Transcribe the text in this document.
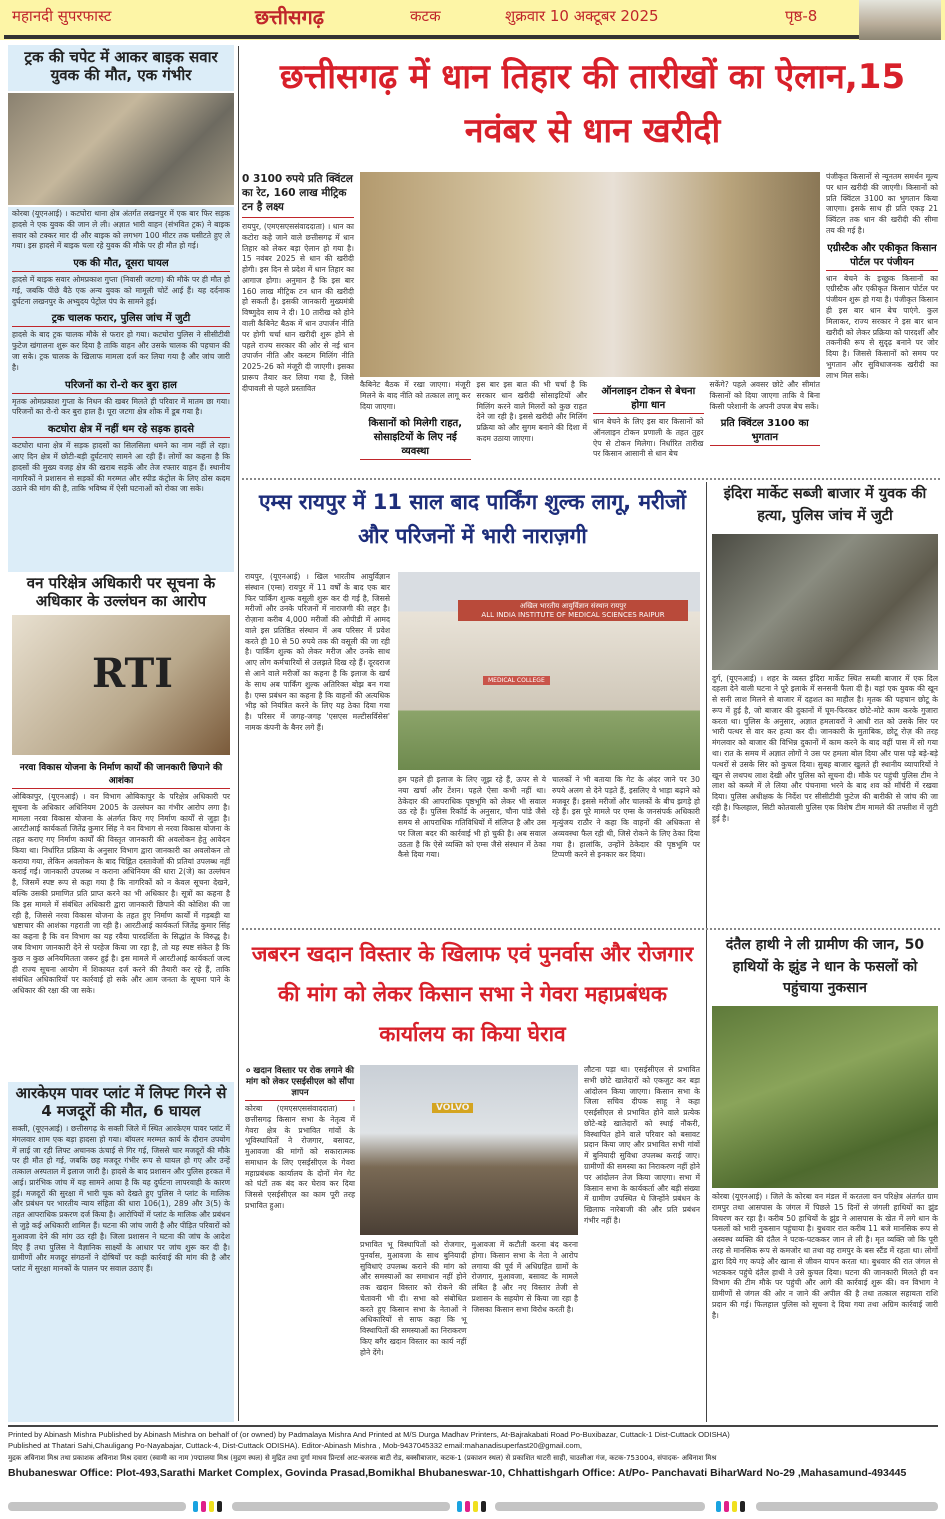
महानदी सुपरफास्ट	छत्तीसगढ़	कटक	शुक्रवार 10 अक्टूबर 2025	पृष्ठ-8
ट्रक की चपेट में आकर बाइक सवार युवक की मौत, एक गंभीर

कोरबा (यूएनआई) । कटघोरा थाना क्षेत्र अंतर्गत लखनपुर में एक बार फिर सड़क हादसे ने एक युवक की जान ले ली। अज्ञात भारी वाहन (संभवित ट्रक) ने बाइक सवार को टक्कर मार दी और बाइक को लगभग 100 मीटर तक घसीटते हुए ले गया। इस हादसे में बाइक चला रहे युवक की मौके पर ही मौत हो गई।

एक की मौत, दूसरा घायल

हादसे में बाइक सवार ओमप्रकाश गुप्ता (निवासी जटगा) की मौके पर ही मौत हो गई, जबकि पीछे बैठे एक अन्य युवक को मामूली चोटें आई हैं। यह दर्दनाक दुर्घटना लखनपुर के अभ्युदय पेट्रोल पंप के सामने हुई।

ट्रक चालक फरार, पुलिस जांच में जुटी

हादसे के बाद ट्रक चालक मौके से फरार हो गया। कटघोरा पुलिस ने सीसीटीवी फुटेज खंगालना शुरू कर दिया है ताकि वाहन और उसके चालक की पहचान की जा सके। ट्रक चालक के खिलाफ मामला दर्ज कर लिया गया है और जांच जारी है।

परिजनों का रो-रो कर बुरा हाल

मृतक ओमप्रकाश गुप्ता के निधन की खबर मिलते ही परिवार में मातम छा गया। परिजनों का रो-रो कर बुरा हाल है। पूरा जटगा क्षेत्र शोक में डूब गया है।

कटघोरा क्षेत्र में नहीं थम रहे सड़क हादसे

कटघोरा थाना क्षेत्र में सड़क हादसों का सिलसिला थमने का नाम नहीं ले रहा। आए दिन क्षेत्र में छोटी-बड़ी दुर्घटनाएं सामने आ रही हैं। लोगों का कहना है कि हादसों की मुख्य वजह क्षेत्र की खराब सड़कें और तेज रफ्तार वाहन हैं। स्थानीय नागरिकों ने प्रशासन से सड़कों की मरम्मत और स्पीड कंट्रोल के लिए ठोस कदम उठाने की मांग की है, ताकि भविष्य में ऐसी घटनाओं को रोका जा सके।

वन परिक्षेत्र अधिकारी पर सूचना के अधिकार के उल्लंघन का आरोप
RTI
नरवा विकास योजना के निर्माण कार्यों की जानकारी छिपाने की आशंका

ओबिकापुर, (यूएनआई) । वन विभाग ओबिकापुर के परिक्षेत्र अधिकारी पर सूचना के अधिकार अधिनियम 2005 के उल्लंघन का गंभीर आरोप लगा है। मामला नरवा विकास योजना के अंतर्गत किए गए निर्माण कार्यों से जुड़ा है। आरटीआई कार्यकर्ता जितेंद्र कुमार सिंह ने वन विभाग से नरवा विकास योजना के तहत कराए गए निर्माण कार्यों की विस्तृत जानकारी की अवलोकन हेतु आवेदन किया था। निर्धारित प्रक्रिया के अनुसार विभाग द्वारा जानकारी का अवलोकन तो कराया गया, लेकिन अवलोकन के बाद चिह्नित दस्तावेजों की प्रतियां उपलब्ध नहीं कराई गईं। जानकारी उपलब्ध न कराना अधिनियम की धारा 2(जे) का उल्लंघन है, जिसमें स्पष्ट रूप से कहा गया है कि नागरिकों को न केवल सूचना देखने, बल्कि उसकी प्रमाणित प्रति प्राप्त करने का भी अधिकार है। सूत्रों का कहना है कि इस मामले में संबंधित अधिकारी द्वारा जानकारी छिपाने की कोशिश की जा रही है, जिससे नरवा विकास योजना के तहत हुए निर्माण कार्यों में गड़बड़ी या भ्रष्टाचार की आशंका गहराती जा रही है। आरटीआई कार्यकर्ता जितेंद्र कुमार सिंह का कहना है कि वन विभाग का यह रवैया पारदर्शिता के सिद्धांत के विरुद्ध है। जब विभाग जानकारी देने से परहेज किया जा रहा है, तो यह स्पष्ट संकेत है कि कुछ न कुछ अनियमितता जरूर हुई है। इस मामले में आरटीआई कार्यकर्ता जल्द ही राज्य सूचना आयोग में शिकायत दर्ज करने की तैयारी कर रहे हैं, ताकि संबंधित अधिकारियों पर कार्रवाई हो सके और आम जनता के सूचना पाने के अधिकार की रक्षा की जा सके।

आरकेएम पावर प्लांट में लिफ्ट गिरने से 4 मजदूरों की मौत, 6 घायल

सक्ती, (यूएनआई) । छत्तीसगढ़ के सक्ती जिले में स्थित आरकेएम पावर प्लांट में मंगलवार शाम एक बड़ा हादसा हो गया। बॉयलर मरम्मत कार्य के दौरान उपयोग में लाई जा रही लिफ्ट अचानक ऊंचाई से गिर गई, जिससे चार मजदूरों की मौके पर ही मौत हो गई, जबकि छह मजदूर गंभीर रूप से घायल हो गए और उन्हें तत्काल अस्पताल में इलाज जारी है। हादसे के बाद प्रशासन और पुलिस हरकत में आई। प्रारंभिक जांच में यह सामने आया है कि यह दुर्घटना लापरवाही के कारण हुई। मजदूरों की सुरक्षा में भारी चूक को देखते हुए पुलिस ने प्लांट के मालिक और प्रबंधन पर भारतीय न्याय संहिता की धारा 106(1), 289 और 3(5) के तहत आपराधिक प्रकरण दर्ज किया है। आरोपियों में प्लांट के मालिक और प्रबंधन से जुड़े कई अधिकारी शामिल हैं। घटना की जांच जारी है और पीड़ित परिवारों को मुआवजा देने की मांग उठ रही है। जिला प्रशासन ने घटना की जांच के आदेश दिए हैं तथा पुलिस ने वैज्ञानिक साक्ष्यों के आधार पर जांच शुरू कर दी है। ग्रामीणों और मजदूर संगठनों ने दोषियों पर कड़ी कार्रवाई की मांग की है और प्लांट में सुरक्षा मानकों के पालन पर सवाल उठाए हैं।

छत्तीसगढ़ में धान तिहार की तारीखों का ऐलान,15 नवंबर से धान खरीदी
0 3100 रुपये प्रति क्विंटल का रेट, 160 लाख मीट्रिक टन है लक्ष्य

रायपुर, (एमएसएससंवाददाता) । धान का कटोरा कहे जाने वाले छत्तीसगढ़ में धान तिहार को लेकर बड़ा ऐलान हो गया है। 15 नवंबर 2025 से धान की खरीदी होगी। इस दिन से प्रदेश में धान तिहार का आगाज होगा। अनुमान है कि इस बार 160 लाख मीट्रिक टन धान की खरीदी हो सकती है। इसकी जानकारी मुख्यमंत्री विष्णुदेव साय ने दी। 10 तारीख को होने वाली कैबिनेट बैठक में धान उपार्जन नीति पर होगी चर्चा धान खरीदी शुरू होने से पहले राज्य सरकार की ओर से नई धान उपार्जन नीति और कस्टम मिलिंग नीति 2025-26 को मंजूरी दी जाएगी। इसका प्रारूप तैयार कर लिया गया है, जिसे दीपावली से पहले प्रस्तावित	कैबिनेट बैठक में रखा जाएगा। मंजूरी मिलने के बाद नीति को तत्काल लागू कर दिया जाएगा।

किसानों को मिलेगी राहत, सोसाइटियों के लिए नई व्यवस्था

इस बार इस बात की भी चर्चा है कि सरकार धान खरीदी सोसाइटियों और मिलिंग करने वाले मिलरों को कुछ राहत देने जा रही है। इससे खरीदी और मिलिंग प्रक्रिया को और सुगम बनाने की दिशा में कदम उठाया जाएगा।

ऑनलाइन टोकन से बेचना होगा धान

धान बेचने के लिए इस बार किसानों को ऑनलाइन टोकन प्रणाली के तहत तुहर ऐप से टोकन मिलेगा। निर्धारित तारीख पर किसान आसानी से धान बेच

सकेंगे? पहले अवसर छोटे और सीमांत किसानों को दिया जाएगा ताकि वे बिना किसी परेशानी के अपनी उपज बेच सकें।

प्रति क्विंटल 3100 का भुगतान

पंजीकृत किसानों से न्यूनतम समर्थन मूल्य पर धान खरीदी की जाएगी। किसानों को प्रति क्विंटल 3100 का भुगतान किया जाएगा। इसके साथ ही प्रति एकड़ 21 क्विंटल तक धान की खरीदी की सीमा तय की गई है।

एग्रीस्टैक और एकीकृत किसान पोर्टल पर पंजीयन

धान बेचने के इच्छुक किसानों का एग्रीस्टैक और एकीकृत किसान पोर्टल पर पंजीयन शुरू हो गया है। पंजीकृत किसान ही इस बार धान बेच पाएंगे. कुल मिलाकर, राज्य सरकार ने इस बार धान खरीदी को लेकर प्रक्रिया को पारदर्शी और तकनीकी रूप से सुदृढ़ बनाने पर जोर दिया है। जिससे किसानों को समय पर भुगतान और सुविधाजनक खरीदी का लाभ मिल सके।

एम्स रायपुर में 11 साल बाद पार्किंग शुल्क लागू, मरीजों और परिजनों में भारी नाराज़गी

रायपुर, (यूएनआई) । खिल भारतीय आयुर्विज्ञान संस्थान (एम्स) रायपुर में 11 वर्षों के बाद एक बार फिर पार्किंग शुल्क वसूली शुरू कर दी गई है, जिससे मरीजों और उनके परिजनों में नाराजगी की लहर है। रोज़ाना करीब 4,000 मरीजों की ओपीडी में आमद वाले इस प्रतिष्ठित संस्थान में अब परिसर में प्रवेश करते ही 10 से 50 रुपये तक की वसूली की जा रही है। पार्किंग शुल्क को लेकर मरीज और उनके साथ आए लोग कर्मचारियों से उलझते दिख रहे हैं। दूरदराज से आने वाले मरीजों का कहना है कि इलाज के खर्च के साथ अब पार्किंग शुल्क अतिरिक्त बोझ बन गया है। एम्स प्रबंधन का कहना है कि वाहनों की अत्यधिक भीड़ को नियंत्रित करने के लिए यह ठेका दिया गया है। परिसर में जगह-जगह 'एसएस मल्टीसर्विसेस' नामक कंपनी के बैनर लगे हैं।

अखिल भारतीय आयुर्विज्ञान संस्थान रायपुर
ALL INDIA INSTITUTE OF MEDICAL SCIENCES RAIPUR
MEDICAL COLLEGE

हम पहले ही इलाज के लिए जूझ रहे हैं, ऊपर से ये नया खर्चा और टेंशन। पहले ऐसा कभी नहीं था। ठेकेदार की आपराधिक पृष्ठभूमि को लेकर भी सवाल उठ रहे हैं। पुलिस रिकॉर्ड के अनुसार, चौना पांडे जैसे समय से आपराधिक गतिविधियों में संलिप्त है और उस पर जिला बदर की कार्रवाई भी हो चुकी है। अब सवाल उठता है कि ऐसे व्यक्ति को एम्स जैसे संस्थान में ठेका कैसे दिया गया।

चालकों ने भी बताया कि गेट के अंदर जाने पर 30 रुपये अलग से देने पड़ते हैं, इसलिए वे भाड़ा बढ़ाने को मजबूर हैं। इससे मरीजों और चालकों के बीच झगड़े हो रहे हैं। इस पूरे मामले पर एम्स के जनसंपर्क अधिकारी मृत्युंजय राठौर ने कहा कि वाहनों की अधिकता से अव्यवस्था फैल रही थी, जिसे रोकने के लिए ठेका दिया गया है। हालांकि, उन्होंने ठेकेदार की पृष्ठभूमि पर टिप्पणी करने से इनकार कर दिया।

इंदिरा मार्केट सब्जी बाजार में युवक की हत्या, पुलिस जांच में जुटी

दुर्ग, (यूएनआई) । शहर के व्यस्त इंदिरा मार्केट स्थित सब्जी बाजार में एक दिल दहला देने वाली घटना ने पूरे इलाके में सनसनी फैला दी है। यहां एक युवक की खून से सनी लाश मिलने से बाजार में दहशत का माहौल है। मृतक की पहचान छोटू के रूप में हुई है, जो बाजार की दुकानों में घूम-फिरकर छोटे-मोटे काम करके गुजारा करता था। पुलिस के अनुसार, अज्ञात हमलावरों ने आधी रात को उसके सिर पर भारी पत्थर से वार कर हत्या कर दी। जानकारी के मुताबिक, छोटू रोज़ की तरह मंगलवार को बाजार की विभिन्न दुकानों में काम करने के बाद वहीं पास में सो गया था। रात के समय में अज्ञात लोगों ने उस पर हमला बोल दिया और पास पड़े बड़े-बड़े पत्थरों से उसके सिर को कुचल दिया। सुबह बाजार खुलते ही स्थानीय व्यापारियों ने खून से लथपथ लाश देखी और पुलिस को सूचना दी। मौके पर पहुंची पुलिस टीम ने लाश को कब्जे में ले लिया और पंचनामा भरने के बाद शव को मॉर्चरी में रखवा दिया। पुलिस अधीक्षक के निर्देश पर सीसीटीवी फुटेज की बारीकी से जांच की जा रही है। फिलहाल, सिटी कोतवाली पुलिस एक विशेष टीम मामले की तफ्तीश में जुटी हुई है।

जबरन खदान विस्तार के खिलाफ एवं पुनर्वास और रोजगार की मांग को लेकर किसान सभा ने गेवरा महाप्रबंधक कार्यालय का किया घेराव
० खदान विस्तार पर रोक लगाने की मांग को लेकर एसईसीएल को सौंपा ज्ञापन

कोरबा (एमएसएससंवाददाता) । छत्तीसगढ़ किसान सभा के नेतृत्व में गेवरा क्षेत्र के प्रभावित गांवों के भूविस्थापितों ने रोजगार, बसावट, मुआवजा की मांगों को सकारात्मक समाधान के लिए एसईसीएल के गेवरा महाप्रबंधक कार्यालय के दोनों मेन गेट को घंटों तक बंद कर घेराव कर दिया जिससे एसईसीएल का काम पूरी तरह प्रभावित हुआ।

VOLVO

प्रभावित भू विस्थापितों को रोजगार, पुनर्वास, मुआवजा के साथ बुनियादी सुविधाएं उपलब्ध कराने की मांग को और समस्याओं का समाधान नहीं होने तक खदान विस्तार को रोकने की चेतावनी भी दी। सभा को संबोधित करते हुए किसान सभा के नेताओं ने अधिकारियों से साफ कहा कि भू विस्थापितों की समस्याओं का निराकरण किए बगैर खदान विस्तार का कार्य नहीं होने देंगे।

मुआवजा में कटौती करना बंद करना होगा। किसान सभा के नेता ने आरोप लगाया की पूर्व में अधिग्रहित ग्रामों के रोजगार, मुआवजा, बसावट के मामले लंबित है और नए विस्तार तेजी से प्रशासन के सहयोग से किया जा रहा है जिसका किसान सभा विरोध करती है।

लौटना पड़ा था। एसईसीएल से प्रभावित सभी छोटे खातेदारों को एकजुट कर बड़ा आंदोलन किया जाएगा। किसान सभा के जिला सचिव दीपक साहू ने कहा एसईसीएल से प्रभावित होने वाले प्रत्येक छोटे-बड़े खातेदारों को स्थाई नौकरी, विस्थापित होने वाले परिवार को बसावट प्रदान किया जाए और प्रभावित सभी गांवों में बुनियादी सुविधा उपलब्ध कराई जाए। ग्रामीणों की समस्या का निराकरण नहीं होने पर आंदोलन तेज किया जाएगा। सभा में किसान सभा के कार्यकर्ता और बड़ी संख्या में ग्रामीण उपस्थित थे जिन्होंने प्रबंधन के खिलाफ नारेबाजी की और प्रति प्रबंधन गंभीर नहीं है।

दंतैल हाथी ने ली ग्रामीण की जान, 50 हाथियों के झुंड ने धान के फसलों को पहुंचाया नुकसान

कोरबा (यूएनआई) । जिले के कोरबा वन मंडल में करतला वन परिक्षेत्र अंतर्गत ग्राम रामपुर तथा आसपास के जंगल में पिछले 15 दिनों से जंगली हाथियों का झुंड विचरण कर रहा है। करीब 50 हाथियों के झुंड ने आसपास के खेत में लगे धान के फसलों को भारी नुकसान पहुंचाया है। बुधवार रात करीब 11 बजे मानसिक रूप से अस्वस्थ व्यक्ति की दंतैल ने पटक-पटककर जान ले ली है। मृत व्यक्ति जो कि पूरी तरह से मानसिक रूप से कमजोर था तथा वह रामपुर के बस स्टैंड में रहता था। लोगों द्वारा दिये गए कपड़े और खाना से जीवन यापन करता था। बुधवार की रात जंगल से भटककर पहुंचे दंतैल हाथी ने उसे कुचल दिया। घटना की जानकारी मिलते ही वन विभाग की टीम मौके पर पहुंची और आगे की कार्रवाई शुरू की। वन विभाग ने ग्रामीणों से जंगल की ओर न जाने की अपील की है तथा तत्काल सहायता राशि प्रदान की गई। फिलहाल पुलिस को सूचना दे दिया गया तथा अग्रिम कार्रवाई जारी है।

Printed by Abinash Mishra Published by Abinash Mishra on behalf of (or owned) by Padmalaya Mishra And Printed at M/S Durga Madhav Printers, At-Bajrakabati Road Po-Buxibazar, Cuttack-1 Dist-Cuttack ODISHA)
Published at Thatari Sahi,Chauligang Po-Nayabajar, Cuttack-4, Dist-Cuttack ODISHA). Editor-Abinash Mishra , Mob-9437045332 email:mahanadisuperfast20@gmail.com,
मुद्रक अविनाश मिश्र तथा प्रकाशक अविनाश मिश्र दवारा (स्वामी का नाम )पद्मालया मिश्र (मुद्रण स्थल) से मुद्रित तथा दुर्गा माधव प्रिन्टर्स आट-बजरक बाटी रोड, बक्सीबाजार, कटक-1 (प्रकाशन स्थल) से प्रकाशित थाटरी साही, चाउलीआ गंज, कटक-753004, संपादक- अविनाश मिश्र
Bhubaneswar Office: Plot-493,Sarathi Market Complex, Govinda Prasad,Bomikhal Bhubaneswar-10, Chhattishgarh Office: At/Po- Panchavati BiharWard No-29 ,Mahasamund-493445
